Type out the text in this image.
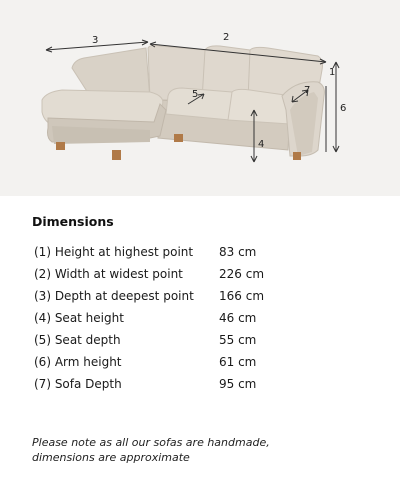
3	2
1
5	7
6
4
Dimensions
(1) Height at highest point 83 cm
(2) Width at widest point	226 cm
(3) Depth at deepest point 166 cm
(4) Seat height	46 cm
(5) Seat depth	55 cm
(6) Arm height	61 cm
(7) Sofa Depth	95 cm
Please note as all our sofas are handmade,
dimensions are approximate
